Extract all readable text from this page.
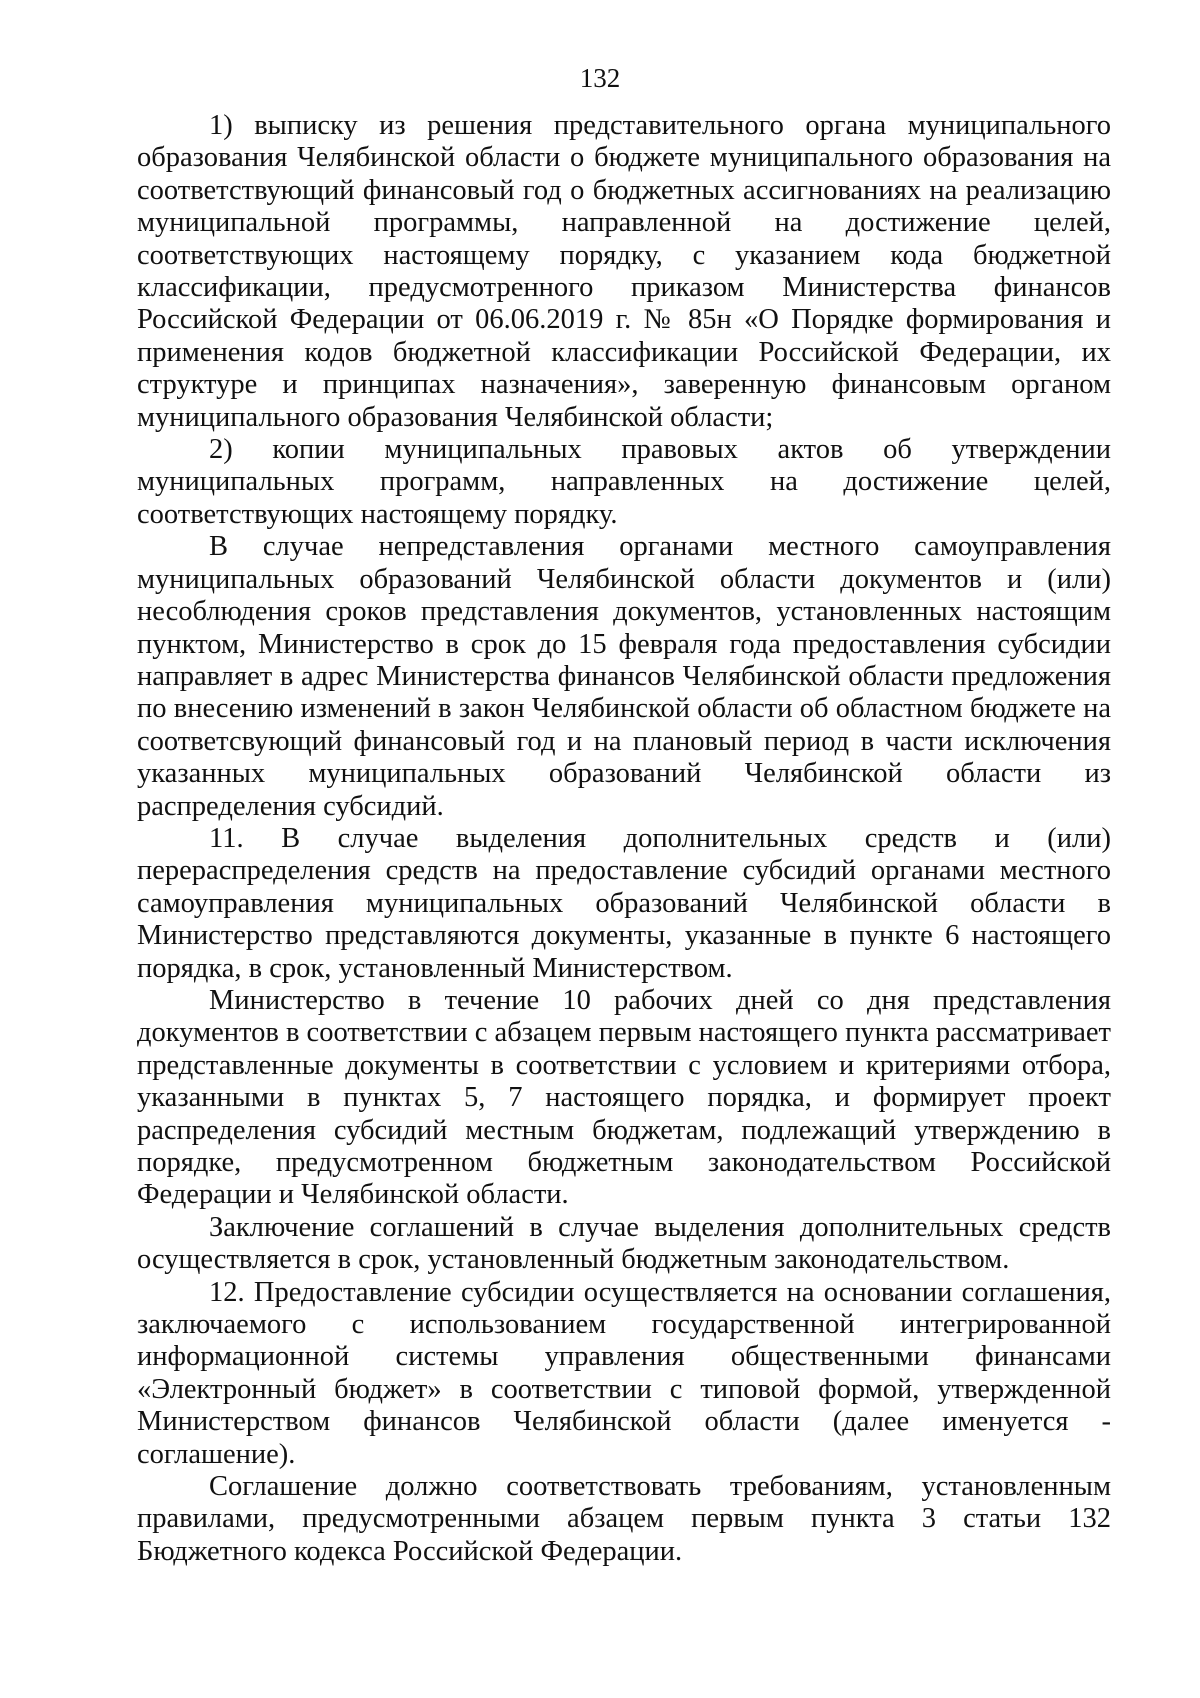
132

1) выписку из решения представительного органа муниципального образования Челябинской области о бюджете муниципального образования на соответствующий финансовый год о бюджетных ассигнованиях на реализацию муниципальной программы, направленной на достижение целей, соответствующих настоящему порядку, с указанием кода бюджетной классификации, предусмотренного приказом Министерства финансов Российской Федерации от 06.06.2019 г. № 85н «О Порядке формирования и применения кодов бюджетной классификации Российской Федерации, их структуре и принципах назначения», заверенную финансовым органом муниципального образования Челябинской области;

2) копии муниципальных правовых актов об утверждении муниципальных программ, направленных на достижение целей, соответствующих настоящему порядку.

В случае непредставления органами местного самоуправления муниципальных образований Челябинской области документов и (или) несоблюдения сроков представления документов, установленных настоящим пунктом, Министерство в срок до 15 февраля года предоставления субсидии направляет в адрес Министерства финансов Челябинской области предложения по внесению изменений в закон Челябинской области об областном бюджете на соответсвующий финансовый год и на плановый период в части исключения указанных муниципальных образований Челябинской области из распределения субсидий.

11. В случае выделения дополнительных средств и (или) перераспределения средств на предоставление субсидий органами местного самоуправления муниципальных образований Челябинской области в Министерство представляются документы, указанные в пункте 6 настоящего порядка, в срок, установленный Министерством.

Министерство в течение 10 рабочих дней со дня представления документов в соответствии с абзацем первым настоящего пункта рассматривает представленные документы в соответствии с условием и критериями отбора, указанными в пунктах 5, 7 настоящего порядка, и формирует проект распределения субсидий местным бюджетам, подлежащий утверждению в порядке, предусмотренном бюджетным законодательством Российской Федерации и Челябинской области.

Заключение соглашений в случае выделения дополнительных средств осуществляется в срок, установленный бюджетным законодательством.

12. Предоставление субсидии осуществляется на основании соглашения, заключаемого с использованием государственной интегрированной информационной системы управления общественными финансами «Электронный бюджет» в соответствии с типовой формой, утвержденной Министерством финансов Челябинской области (далее именуется - соглашение).

Соглашение должно соответствовать требованиям, установленным правилами, предусмотренными абзацем первым пункта 3 статьи 132 Бюджетного кодекса Российской Федерации.
